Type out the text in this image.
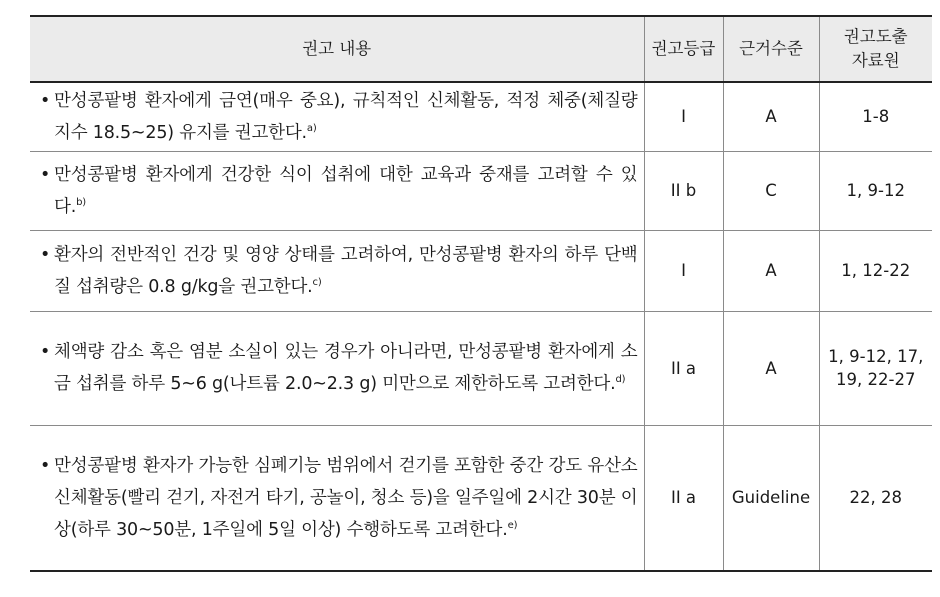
권고 내용	권고등급	근거수준	권고도출
자료원

• 만성콩팥병 환자에게 금연(매우 중요), 규칙적인 신체활동, 적정 체중(체질량지수 18.5~25) 유지를 권고한다.$^{a)}$	I	A	1-8

• 만성콩팥병 환자에게 건강한 식이 섭취에 대한 교육과 중재를 고려할 수 있다.$^{b)}$	II b	C	1, 9-12

• 환자의 전반적인 건강 및 영양 상태를 고려하여, 만성콩팥병 환자의 하루 단백질 섭취량은 0.8 g/kg을 권고한다.$^{c)}$	I	A	1, 12-22

• 체액량 감소 혹은 염분 소실이 있는 경우가 아니라면, 만성콩팥병 환자에게 소금 섭취를 하루 5~6 g(나트륨 2.0~2.3 g) 미만으로 제한하도록 고려한다.$^{d)}$	II a	A	1, 9-12, 17, 19, 22-27

• 만성콩팥병 환자가 가능한 심폐기능 범위에서 걷기를 포함한 중간 강도 유산소 신체활동(빨리 걷기, 자전거 타기, 공놀이, 청소 등)을 일주일에 2시간 30분 이상(하루 30~50분, 1주일에 5일 이상) 수행하도록 고려한다.$^{e)}$	II a	Guideline	22, 28
